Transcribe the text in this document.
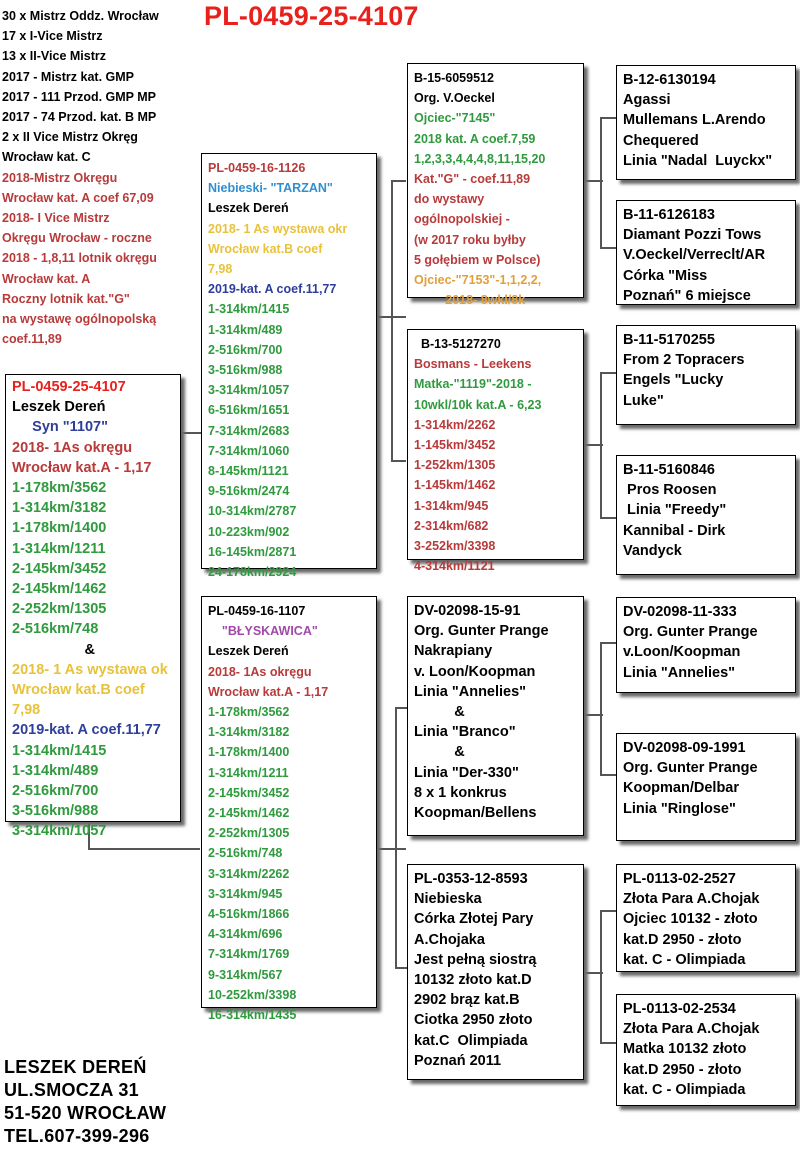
30 x Mistrz Oddz. Wrocław
17 x I-Vice Mistrz
13 x II-Vice Mistrz
2017 - Mistrz kat. GMP
2017 - 111 Przod. GMP MP
2017 - 74 Przod. kat. B MP
2 x II Vice Mistrz Okręg
Wrocław kat. C
2018-Mistrz Okręgu
Wrocław kat. A coef 67,09
2018- I Vice Mistrz
Okręgu Wrocław - roczne
2018 - 1,8,11 lotnik okręgu
Wrocław kat. A
Roczny lotnik kat."G"
na wystawę ogólnopolską
coef.11,89
PL-0459-25-4107
PL-0459-25-4107
Leszek Dereń
Syn "1107"
2018- 1As okręgu
Wrocław kat.A - 1,17
1-178km/3562
1-314km/3182
1-178km/1400
1-314km/1211
2-145km/3452
2-145km/1462
2-252km/1305
2-516km/748
&
2018- 1 As wystawa ok
Wrocław kat.B coef
7,98
2019-kat. A coef.11,77
1-314km/1415
1-314km/489
2-516km/700
3-516km/988
3-314km/1057
PL-0459-16-1126
Niebieski- "TARZAN"
Leszek Dereń
2018- 1 As wystawa okr
Wrocław kat.B coef
7,98
2019-kat. A coef.11,77
1-314km/1415
1-314km/489
2-516km/700
3-516km/988
3-314km/1057
6-516km/1651
7-314km/2683
7-314km/1060
8-145km/1121
9-516km/2474
10-314km/2787
10-223km/902
16-145km/2871
24-178km/2924
PL-0459-16-1107
"BŁYSKAWICA"
Leszek Dereń
2018- 1As okręgu
Wrocław kat.A - 1,17
1-178km/3562
1-314km/3182
1-178km/1400
1-314km/1211
2-145km/3452
2-145km/1462
2-252km/1305
2-516km/748
3-314km/2262
3-314km/945
4-516km/1866
4-314km/696
7-314km/1769
9-314km/567
10-252km/3398
16-314km/1435
B-15-6059512
Org. V.Oeckel
Ojciec-"7145"
2018 kat. A coef.7,59
1,2,3,3,4,4,4,8,11,15,20
Kat."G" - coef.11,89
do wystawy
ogólnopolskiej -
(w 2017 roku byłby
5 gołębiem w Polsce)
Ojciec-"7153"-1,1,2,2,
2018- 8wkl/8k
B-13-5127270
Bosmans - Leekens
Matka-"1119"-2018 -
10wkl/10k kat.A - 6,23
1-314km/2262
1-145km/3452
1-252km/1305
1-145km/1462
1-314km/945
2-314km/682
3-252km/3398
4-314km/1121
DV-02098-15-91
Org. Gunter Prange
Nakrapiany
v. Loon/Koopman
Linia "Annelies"
&
Linia "Branco"
&
Linia "Der-330"
8 x 1 konkrus
Koopman/Bellens
PL-0353-12-8593
Niebieska
Córka Złotej Pary
A.Chojaka
Jest pełną siostrą
10132 złoto kat.D
2902 brąz kat.B
Ciotka 2950 złoto
kat.C  Olimpiada
Poznań 2011
B-12-6130194
Agassi
Mullemans L.Arendo
Chequered
Linia "Nadal  Luyckx"
B-11-6126183
Diamant Pozzi Tows
V.Oeckel/Verreclt/AR
Córka "Miss
Poznań" 6 miejsce
B-11-5170255
From 2 Topracers
Engels "Lucky
Luke"
B-11-5160846
Pros Roosen
Linia "Freedy"
Kannibal - Dirk
Vandyck
DV-02098-11-333
Org. Gunter Prange
v.Loon/Koopman
Linia "Annelies"
DV-02098-09-1991
Org. Gunter Prange
Koopman/Delbar
Linia "Ringlose"
PL-0113-02-2527
Złota Para A.Chojak
Ojciec 10132 - złoto
kat.D 2950 - złoto
kat. C - Olimpiada
PL-0113-02-2534
Złota Para A.Chojak
Matka 10132 złoto
kat.D 2950 - złoto
kat. C - Olimpiada
LESZEK DEREŃ
UL.SMOCZA 31
51-520 WROCŁAW
TEL.607-399-296
